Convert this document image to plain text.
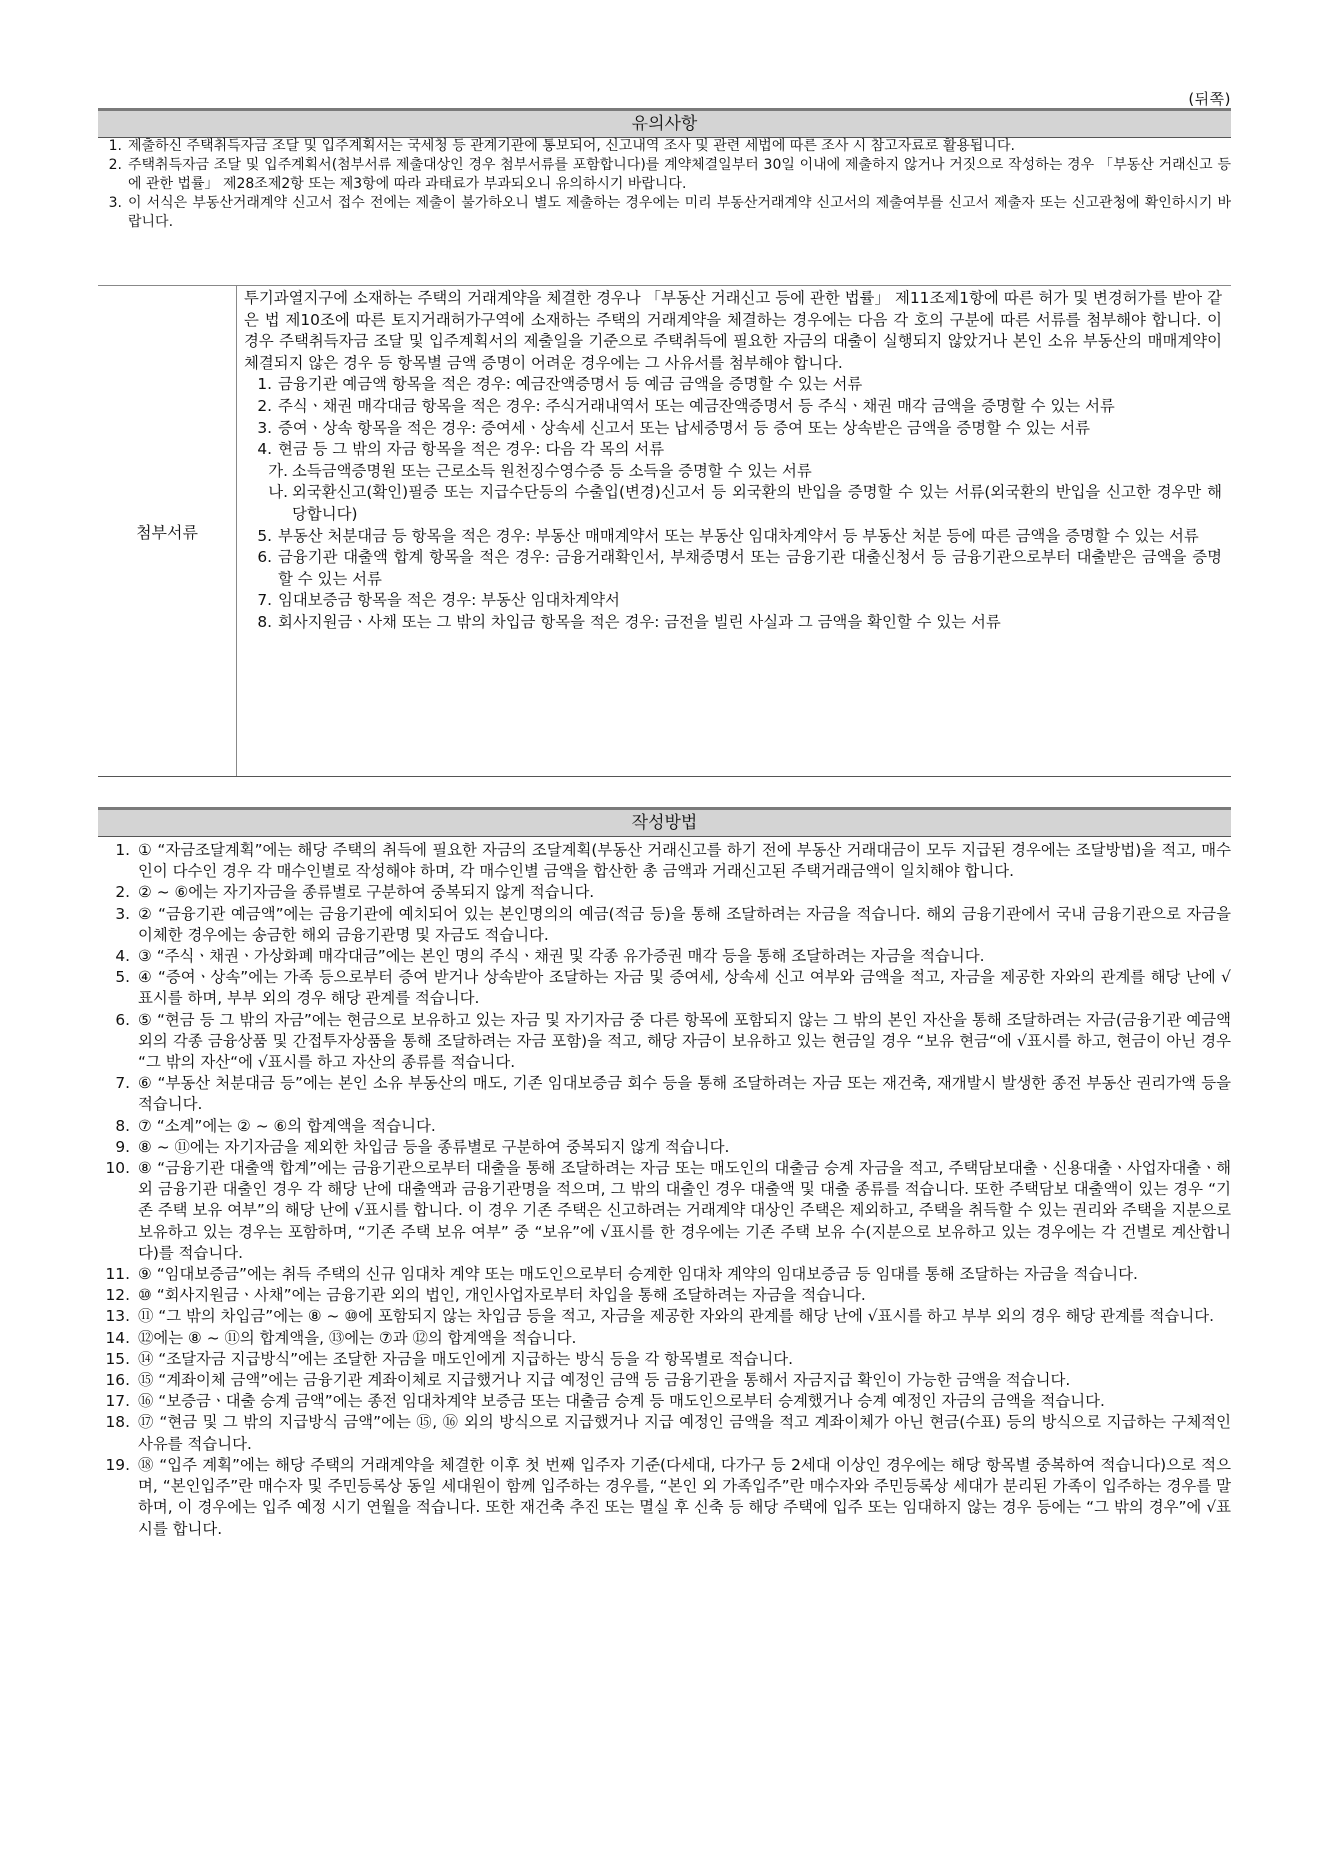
(뒤쪽)
유의사항
1. 제출하신 주택취득자금 조달 및 입주계획서는 국세청 등 관계기관에 통보되어, 신고내역 조사 및 관련 세법에 따른 조사 시 참고자료로 활용됩니다.
2. 주택취득자금 조달 및 입주계획서(첨부서류 제출대상인 경우 첨부서류를 포함합니다)를 계약체결일부터 30일 이내에 제출하지 않거나 거짓으로 작성하는 경우 「부동산 거래신고 등에 관한 법률」 제28조제2항 또는 제3항에 따라 과태료가 부과되오니 유의하시기 바랍니다.
3. 이 서식은 부동산거래계약 신고서 접수 전에는 제출이 불가하오니 별도 제출하는 경우에는 미리 부동산거래계약 신고서의 제출여부를 신고서 제출자 또는 신고관청에 확인하시기 바랍니다.
첨부서류
투기과열지구에 소재하는 주택의 거래계약을 체결한 경우나 「부동산 거래신고 등에 관한 법률」 제11조제1항에 따른 허가 및 변경허가를 받아 같은 법 제10조에 따른 토지거래허가구역에 소재하는 주택의 거래계약을 체결하는 경우에는 다음 각 호의 구분에 따른 서류를 첨부해야 합니다. 이 경우 주택취득자금 조달 및 입주계획서의 제출일을 기준으로 주택취득에 필요한 자금의 대출이 실행되지 않았거나 본인 소유 부동산의 매매계약이 체결되지 않은 경우 등 항목별 금액 증명이 어려운 경우에는 그 사유서를 첨부해야 합니다.
1. 금융기관 예금액 항목을 적은 경우: 예금잔액증명서 등 예금 금액을 증명할 수 있는 서류
2. 주식ㆍ채권 매각대금 항목을 적은 경우: 주식거래내역서 또는 예금잔액증명서 등 주식ㆍ채권 매각 금액을 증명할 수 있는 서류
3. 증여ㆍ상속 항목을 적은 경우: 증여세ㆍ상속세 신고서 또는 납세증명서 등 증여 또는 상속받은 금액을 증명할 수 있는 서류
4. 현금 등 그 밖의 자금 항목을 적은 경우: 다음 각 목의 서류
가. 소득금액증명원 또는 근로소득 원천징수영수증 등 소득을 증명할 수 있는 서류
나. 외국환신고(확인)필증 또는 지급수단등의 수출입(변경)신고서 등 외국환의 반입을 증명할 수 있는 서류(외국환의 반입을 신고한 경우만 해당합니다)
5. 부동산 처분대금 등 항목을 적은 경우: 부동산 매매계약서 또는 부동산 임대차계약서 등 부동산 처분 등에 따른 금액을 증명할 수 있는 서류
6. 금융기관 대출액 합계 항목을 적은 경우: 금융거래확인서, 부채증명서 또는 금융기관 대출신청서 등 금융기관으로부터 대출받은 금액을 증명할 수 있는 서류
7. 임대보증금 항목을 적은 경우: 부동산 임대차계약서
8. 회사지원금ㆍ사채 또는 그 밖의 차입금 항목을 적은 경우: 금전을 빌린 사실과 그 금액을 확인할 수 있는 서류
작성방법
1. ① “자금조달계획”에는 해당 주택의 취득에 필요한 자금의 조달계획(부동산 거래신고를 하기 전에 부동산 거래대금이 모두 지급된 경우에는 조달방법)을 적고, 매수인이 다수인 경우 각 매수인별로 작성해야 하며, 각 매수인별 금액을 합산한 총 금액과 거래신고된 주택거래금액이 일치해야 합니다.
2. ② ~ ⑥에는 자기자금을 종류별로 구분하여 중복되지 않게 적습니다.
3. ② “금융기관 예금액”에는 금융기관에 예치되어 있는 본인명의의 예금(적금 등)을 통해 조달하려는 자금을 적습니다. 해외 금융기관에서 국내 금융기관으로 자금을 이체한 경우에는 송금한 해외 금융기관명 및 자금도 적습니다.
4. ③ “주식ㆍ채권ㆍ가상화폐 매각대금”에는 본인 명의 주식ㆍ채권 및 각종 유가증권 매각 등을 통해 조달하려는 자금을 적습니다.
5. ④ “증여ㆍ상속”에는 가족 등으로부터 증여 받거나 상속받아 조달하는 자금 및 증여세, 상속세 신고 여부와 금액을 적고, 자금을 제공한 자와의 관계를 해당 난에 √표시를 하며, 부부 외의 경우 해당 관계를 적습니다.
6. ⑤ “현금 등 그 밖의 자금”에는 현금으로 보유하고 있는 자금 및 자기자금 중 다른 항목에 포함되지 않는 그 밖의 본인 자산을 통해 조달하려는 자금(금융기관 예금액 외의 각종 금융상품 및 간접투자상품을 통해 조달하려는 자금 포함)을 적고, 해당 자금이 보유하고 있는 현금일 경우 “보유 현금“에 √표시를 하고, 현금이 아닌 경우 “그 밖의 자산“에 √표시를 하고 자산의 종류를 적습니다.
7. ⑥ “부동산 처분대금 등”에는 본인 소유 부동산의 매도, 기존 임대보증금 회수 등을 통해 조달하려는 자금 또는 재건축, 재개발시 발생한 종전 부동산 권리가액 등을 적습니다.
8. ⑦ “소계”에는 ② ~ ⑥의 합계액을 적습니다.
9. ⑧ ~ ⑪에는 자기자금을 제외한 차입금 등을 종류별로 구분하여 중복되지 않게 적습니다.
10. ⑧ “금융기관 대출액 합계”에는 금융기관으로부터 대출을 통해 조달하려는 자금 또는 매도인의 대출금 승계 자금을 적고, 주택담보대출ㆍ신용대출ㆍ사업자대출ㆍ해외 금융기관 대출인 경우 각 해당 난에 대출액과 금융기관명을 적으며, 그 밖의 대출인 경우 대출액 및 대출 종류를 적습니다. 또한 주택담보 대출액이 있는 경우 “기존 주택 보유 여부”의 해당 난에 √표시를 합니다. 이 경우 기존 주택은 신고하려는 거래계약 대상인 주택은 제외하고, 주택을 취득할 수 있는 권리와 주택을 지분으로 보유하고 있는 경우는 포함하며, “기존 주택 보유 여부” 중 “보유”에 √표시를 한 경우에는 기존 주택 보유 수(지분으로 보유하고 있는 경우에는 각 건별로 계산합니다)를 적습니다.
11. ⑨ “임대보증금”에는 취득 주택의 신규 임대차 계약 또는 매도인으로부터 승계한 임대차 계약의 임대보증금 등 임대를 통해 조달하는 자금을 적습니다.
12. ⑩ “회사지원금ㆍ사채”에는 금융기관 외의 법인, 개인사업자로부터 차입을 통해 조달하려는 자금을 적습니다.
13. ⑪ “그 밖의 차입금”에는 ⑧ ~ ⑩에 포함되지 않는 차입금 등을 적고, 자금을 제공한 자와의 관계를 해당 난에 √표시를 하고 부부 외의 경우 해당 관계를 적습니다.
14. ⑫에는 ⑧ ~ ⑪의 합계액을, ⑬에는 ⑦과 ⑫의 합계액을 적습니다.
15. ⑭ “조달자금 지급방식”에는 조달한 자금을 매도인에게 지급하는 방식 등을 각 항목별로 적습니다.
16. ⑮ “계좌이체 금액”에는 금융기관 계좌이체로 지급했거나 지급 예정인 금액 등 금융기관을 통해서 자금지급 확인이 가능한 금액을 적습니다.
17. ⑯ “보증금ㆍ대출 승계 금액”에는 종전 임대차계약 보증금 또는 대출금 승계 등 매도인으로부터 승계했거나 승계 예정인 자금의 금액을 적습니다.
18. ⑰ “현금 및 그 밖의 지급방식 금액”에는 ⑮, ⑯ 외의 방식으로 지급했거나 지급 예정인 금액을 적고 계좌이체가 아닌 현금(수표) 등의 방식으로 지급하는 구체적인 사유를 적습니다.
19. ⑱ “입주 계획”에는 해당 주택의 거래계약을 체결한 이후 첫 번째 입주자 기준(다세대, 다가구 등 2세대 이상인 경우에는 해당 항목별 중복하여 적습니다)으로 적으며, “본인입주”란 매수자 및 주민등록상 동일 세대원이 함께 입주하는 경우를, “본인 외 가족입주”란 매수자와 주민등록상 세대가 분리된 가족이 입주하는 경우를 말하며, 이 경우에는 입주 예정 시기 연월을 적습니다. 또한 재건축 추진 또는 멸실 후 신축 등 해당 주택에 입주 또는 임대하지 않는 경우 등에는 “그 밖의 경우”에 √표시를 합니다.
